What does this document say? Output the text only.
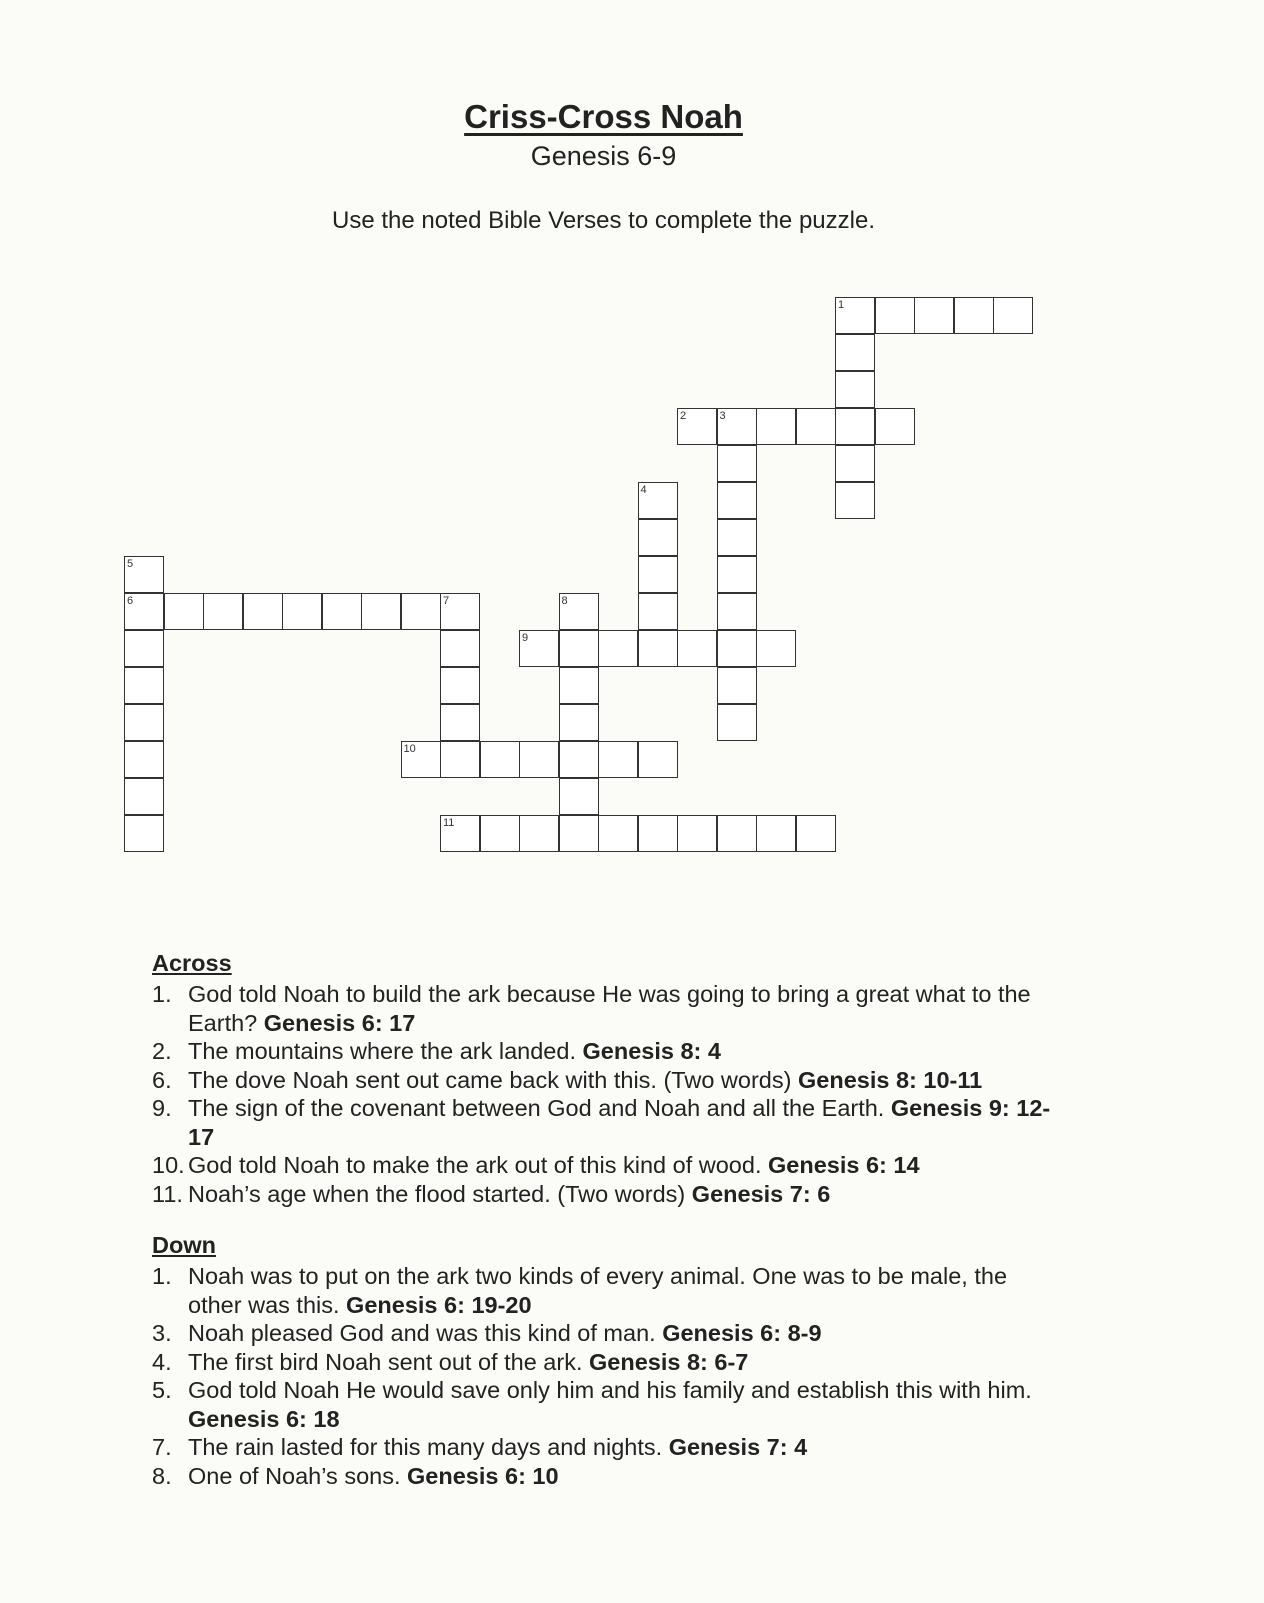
Criss-Cross Noah
Genesis 6-9
Use the noted Bible Verses to complete the puzzle.
1
2	3
4
5
6	7	8
9
10
11
Across
1. God told Noah to build the ark because He was going to bring a great what to the Earth? Genesis 6: 17
2. The mountains where the ark landed. Genesis 8: 4
6. The dove Noah sent out came back with this. (Two words) Genesis 8: 10-11
9. The sign of the covenant between God and Noah and all the Earth. Genesis 9: 12-17
10. God told Noah to make the ark out of this kind of wood. Genesis 6: 14
11. Noah’s age when the flood started. (Two words) Genesis 7: 6
Down
1. Noah was to put on the ark two kinds of every animal. One was to be male, the other was this. Genesis 6: 19-20
3. Noah pleased God and was this kind of man. Genesis 6: 8-9
4. The first bird Noah sent out of the ark. Genesis 8: 6-7
5. God told Noah He would save only him and his family and establish this with him. Genesis 6: 18
7. The rain lasted for this many days and nights. Genesis 7: 4
8. One of Noah’s sons. Genesis 6: 10
